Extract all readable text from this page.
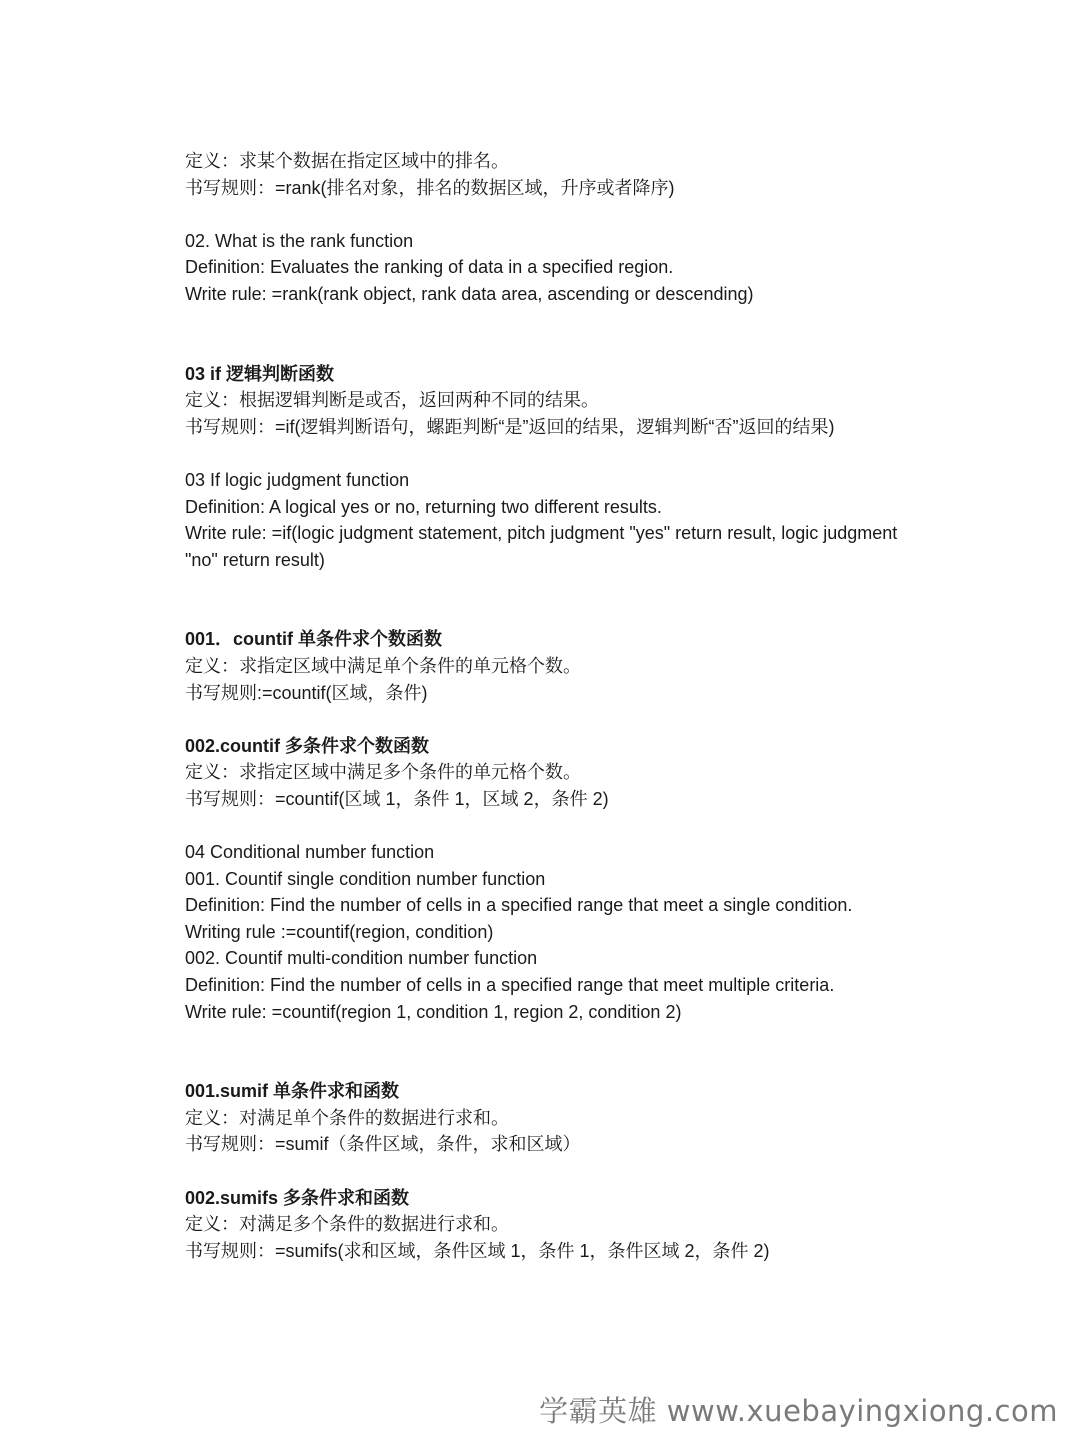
定义：求某个数据在指定区域中的排名。
书写规则：=rank(排名对象，排名的数据区域，升序或者降序)
02. What is the rank function
Definition: Evaluates the ranking of data in a specified region.
Write rule: =rank(rank object, rank data area, ascending or descending)
03 if 逻辑判断函数
定义：根据逻辑判断是或否，返回两种不同的结果。
书写规则：=if(逻辑判断语句，螺距判断“是”返回的结果，逻辑判断“否”返回的结果)
03 If logic judgment function
Definition: A logical yes or no, returning two different results.
Write rule: =if(logic judgment statement, pitch judgment "yes" return result, logic judgment "no" return result)
001．countif 单条件求个数函数
定义：求指定区域中满足单个条件的单元格个数。
书写规则:=countif(区域，条件)
002.countif 多条件求个数函数
定义：求指定区域中满足多个条件的单元格个数。
书写规则：=countif(区域 1，条件 1，区域 2，条件 2)
04 Conditional number function
001. Countif single condition number function
Definition: Find the number of cells in a specified range that meet a single condition.
Writing rule :=countif(region, condition)
002. Countif multi-condition number function
Definition: Find the number of cells in a specified range that meet multiple criteria.
Write rule: =countif(region 1, condition 1, region 2, condition 2)
001.sumif 单条件求和函数
定义：对满足单个条件的数据进行求和。
书写规则：=sumif（条件区域，条件，求和区域）
002.sumifs 多条件求和函数
定义：对满足多个条件的数据进行求和。
书写规则：=sumifs(求和区域，条件区域 1，条件 1，条件区域 2，条件 2)
学霸英雄 www.xuebayingxiong.com
